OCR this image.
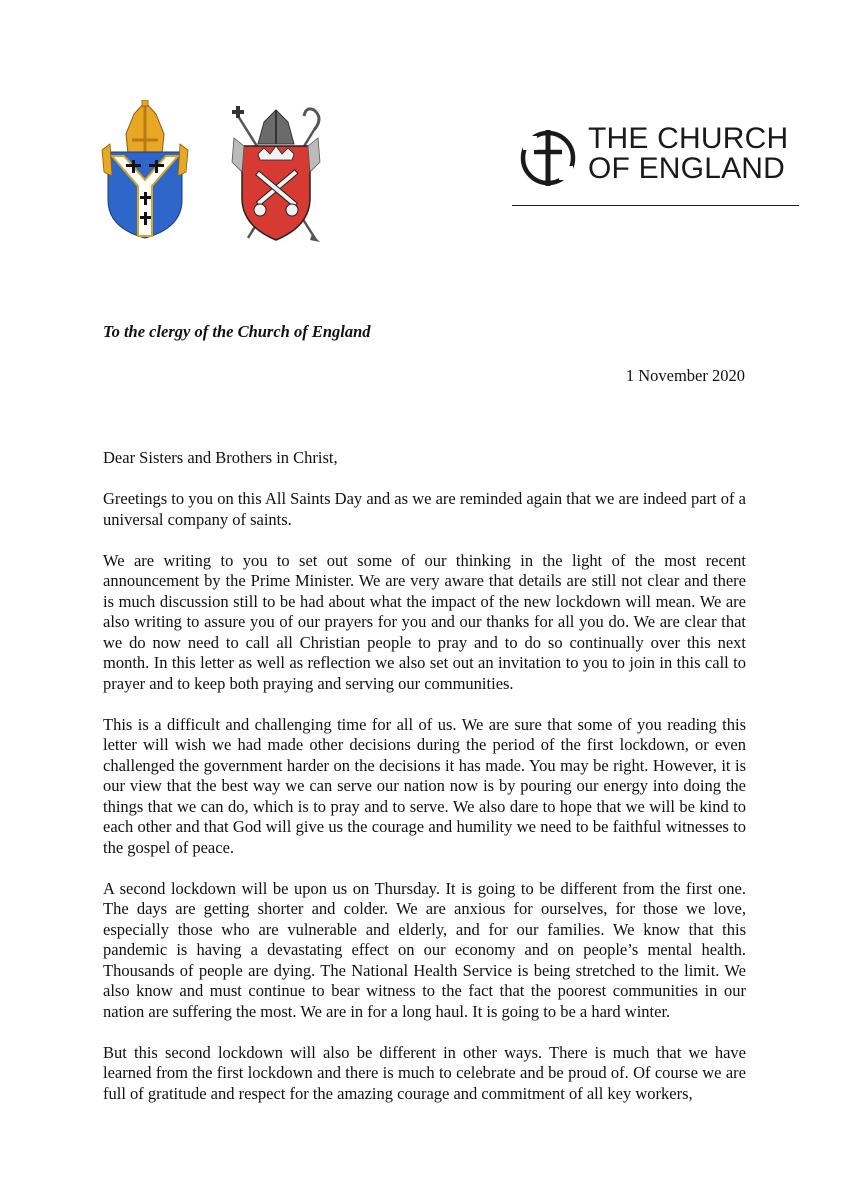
THE CHURCH
OF ENGLAND
To the clergy of the Church of England
1 November 2020

Dear Sisters and Brothers in Christ,

Greetings to you on this All Saints Day and as we are reminded again that we are indeed part of a universal company of saints.

We are writing to you to set out some of our thinking in the light of the most recent announcement by the Prime Minister. We are very aware that details are still not clear and there is much discussion still to be had about what the impact of the new lockdown will mean. We are also writing to assure you of our prayers for you and our thanks for all you do. We are clear that we do now need to call all Christian people to pray and to do so continually over this next month. In this letter as well as reflection we also set out an invitation to you to join in this call to prayer and to keep both praying and serving our communities.

This is a difficult and challenging time for all of us. We are sure that some of you reading this letter will wish we had made other decisions during the period of the first lockdown, or even challenged the government harder on the decisions it has made. You may be right. However, it is our view that the best way we can serve our nation now is by pouring our energy into doing the things that we can do, which is to pray and to serve. We also dare to hope that we will be kind to each other and that God will give us the courage and humility we need to be faithful witnesses to the gospel of peace.

A second lockdown will be upon us on Thursday. It is going to be different from the first one. The days are getting shorter and colder. We are anxious for ourselves, for those we love, especially those who are vulnerable and elderly, and for our families. We know that this pandemic is having a devastating effect on our economy and on people’s mental health. Thousands of people are dying. The National Health Service is being stretched to the limit. We also know and must continue to bear witness to the fact that the poorest communities in our nation are suffering the most. We are in for a long haul. It is going to be a hard winter.

But this second lockdown will also be different in other ways. There is much that we have learned from the first lockdown and there is much to celebrate and be proud of. Of course we are full of gratitude and respect for the amazing courage and commitment of all key workers,
